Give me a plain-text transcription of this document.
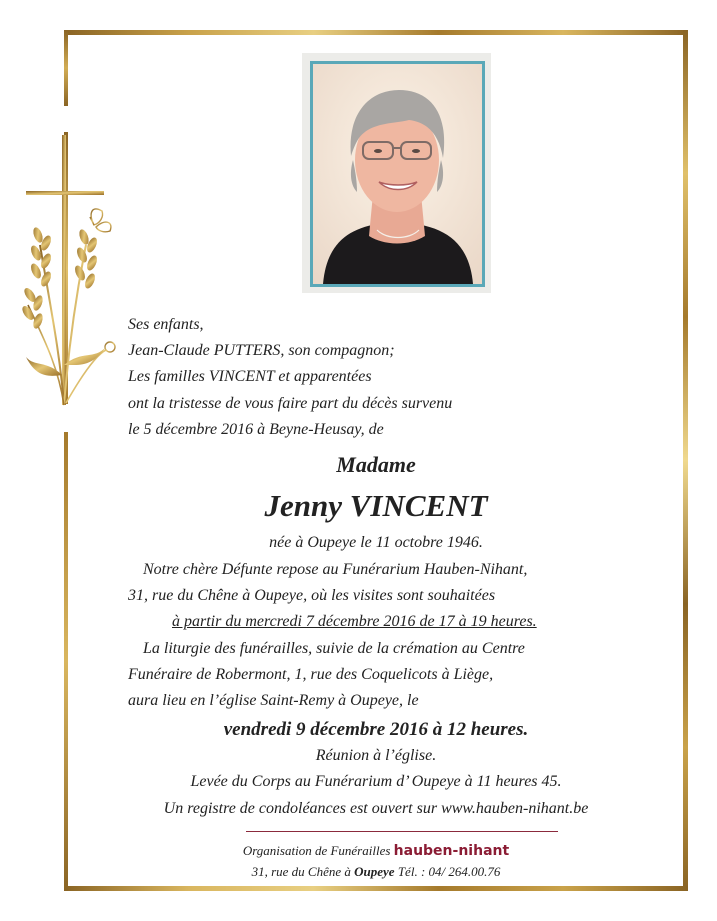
Ses enfants,
Jean-Claude PUTTERS, son compagnon;
Les familles VINCENT et apparentées
ont la tristesse de vous faire part du décès survenu
le 5 décembre 2016 à Beyne-Heusay, de
Madame
Jenny VINCENT
née à Oupeye le 11 octobre 1946.
Notre chère Défunte repose au Funérarium Hauben-Nihant,
31, rue du Chêne à Oupeye, où les visites sont souhaitées
à partir du mercredi 7 décembre 2016 de 17 à 19 heures.
La liturgie des funérailles, suivie de la crémation au Centre
Funéraire de Robermont, 1, rue des Coquelicots à Liège,
aura lieu en l’église Saint-Remy à Oupeye, le
vendredi 9 décembre 2016 à 12 heures.
Réunion à l’église.
Levée du Corps au Funérarium d’ Oupeye à 11 heures 45.
Un registre de condoléances est ouvert sur www.hauben-nihant.be
Organisation de Funérailles hauben-nihant
31, rue du Chêne à Oupeye Tél. : 04/ 264.00.76
